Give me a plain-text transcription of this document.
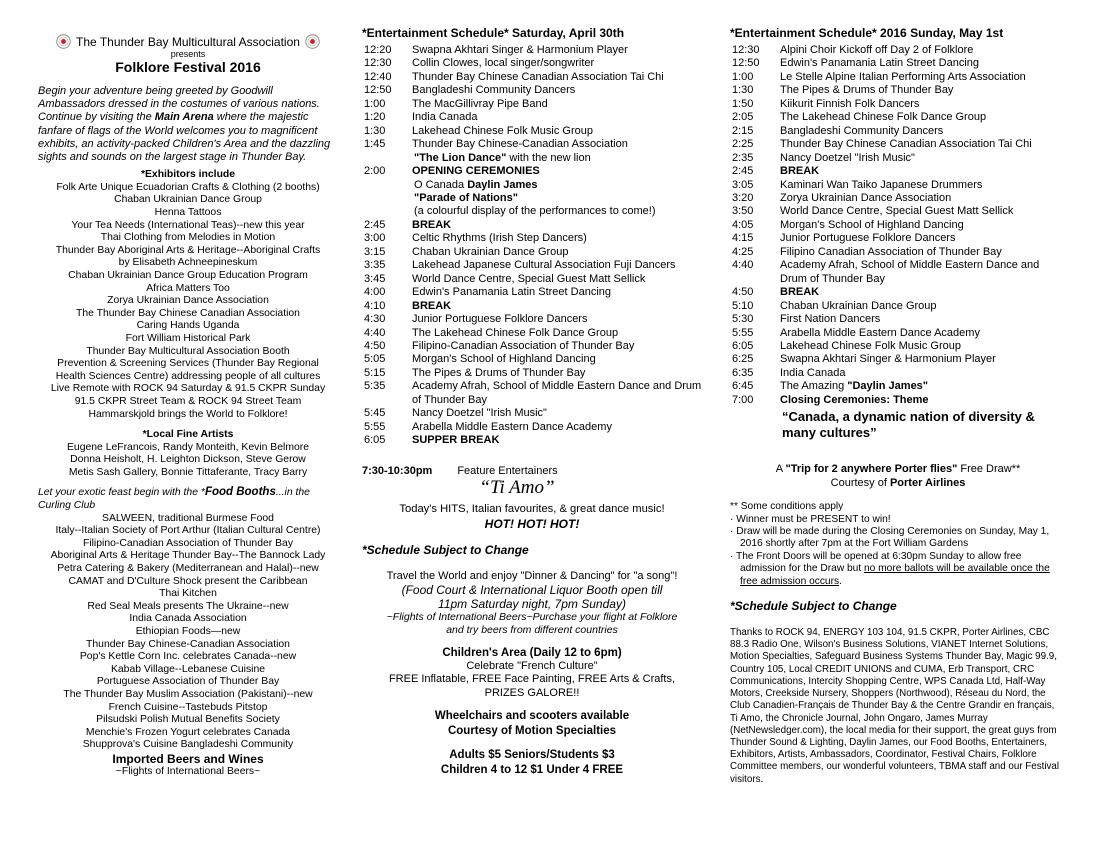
The Thunder Bay Multicultural Association
presents
Folklore Festival 2016
Begin your adventure being greeted by Goodwill Ambassadors dressed in the costumes of various nations. Continue by visiting the Main Arena where the majestic fanfare of flags of the World welcomes you to magnificent exhibits, an activity-packed Children's Area and the dazzling sights and sounds on the largest stage in Thunder Bay.
*Exhibitors include
Folk Arte Unique Ecuadorian Crafts & Clothing (2 booths)
Chaban Ukrainian Dance Group
Henna Tattoos
Your Tea Needs (International Teas)--new this year
Thai Clothing from Melodies in Motion
Thunder Bay Aboriginal Arts & Heritage--Aboriginal Crafts
by Elisabeth Achneepineskum
Chaban Ukrainian Dance Group Education Program
Africa Matters Too
Zorya Ukrainian Dance Association
The Thunder Bay Chinese Canadian Association
Caring Hands Uganda
Fort William Historical Park
Thunder Bay Multicultural Association Booth
Prevention & Screening Services (Thunder Bay Regional
Health Sciences Centre) addressing people of all cultures
Live Remote with ROCK 94 Saturday & 91.5 CKPR Sunday
91.5 CKPR Street Team & ROCK 94 Street Team
Hammarskjold brings the World to Folklore!
*Local Fine Artists
Eugene LeFrancois, Randy Monteith, Kevin Belmore
Donna Heisholt, H. Leighton Dickson, Steve Gerow
Metis Sash Gallery, Bonnie Tittaferante, Tracy Barry
Let your exotic feast begin with the *Food Booths...in the Curling Club
SALWEEN, traditional Burmese Food
Italy--Italian Society of Port Arthur (Italian Cultural Centre)
Filipino-Canadian Association of Thunder Bay
Aboriginal Arts & Heritage Thunder Bay--The Bannock Lady
Petra Catering & Bakery (Mediterranean and Halal)--new
CAMAT and D'Culture Shock present the Caribbean
Thai Kitchen
Red Seal Meals presents The Ukraine--new
India Canada Association
Ethiopian Foods—new
Thunder Bay Chinese-Canadian Association
Pop's Kettle Corn Inc. celebrates Canada--new
Kabab Village--Lebanese Cuisine
Portuguese Association of Thunder Bay
The Thunder Bay Muslim Association (Pakistani)--new
French Cuisine--Tastebuds Pitstop
Pilsudski Polish Mutual Benefits Society
Menchie's Frozen Yogurt celebrates Canada
Shupprova's Cuisine Bangladeshi Community
Imported Beers and Wines
~Flights of International Beers~
*Entertainment Schedule* Saturday, April 30th
12:20	Swapna Akhtari Singer & Harmonium Player
12:30	Collin Clowes, local singer/songwriter
12:40	Thunder Bay Chinese Canadian Association Tai Chi
12:50	Bangladeshi Community Dancers
1:00	The MacGillivray Pipe Band
1:20	India Canada
1:30	Lakehead Chinese Folk Music Group
1:45	Thunder Bay Chinese-Canadian Association
"The Lion Dance" with the new lion
2:00	OPENING CEREMONIES
O Canada Daylin James
"Parade of Nations"
(a colourful display of the performances to come!)
2:45	BREAK
3:00	Celtic Rhythms (Irish Step Dancers)
3:15	Chaban Ukrainian Dance Group
3:35	Lakehead Japanese Cultural Association Fuji Dancers
3:45	World Dance Centre, Special Guest Matt Sellick
4:00	Edwin's Panamania Latin Street Dancing
4:10	BREAK
4:30	Junior Portuguese Folklore Dancers
4:40	The Lakehead Chinese Folk Dance Group
4:50	Filipino-Canadian Association of Thunder Bay
5:05	Morgan's School of Highland Dancing
5:15	The Pipes & Drums of Thunder Bay
5:35	Academy Afrah, School of Middle Eastern Dance and Drum of Thunder Bay
5:45	Nancy Doetzel "Irish Music"
5:55	Arabella Middle Eastern Dance Academy
6:05	SUPPER BREAK
7:30-10:30pm Feature Entertainers
“Ti Amo”
Today's HITS, Italian favourites, & great dance music!
HOT! HOT! HOT!
*Schedule Subject to Change
Travel the World and enjoy "Dinner & Dancing" for "a song"!
(Food Court & International Liquor Booth open till
11pm Saturday night, 7pm Sunday)
~Flights of International Beers~Purchase your flight at Folklore
and try beers from different countries
Children's Area (Daily 12 to 6pm)
Celebrate "French Culture"
FREE Inflatable, FREE Face Painting, FREE Arts & Crafts,
PRIZES GALORE!!
Wheelchairs and scooters available
Courtesy of Motion Specialties
Adults $5 Seniors/Students $3
Children 4 to 12 $1 Under 4 FREE
*Entertainment Schedule* 2016 Sunday, May 1st
12:30	Alpini Choir Kickoff off Day 2 of Folklore
12:50	Edwin's Panamania Latin Street Dancing
1:00	Le Stelle Alpine Italian Performing Arts Association
1:30	The Pipes & Drums of Thunder Bay
1:50	Kiikurit Finnish Folk Dancers
2:05	The Lakehead Chinese Folk Dance Group
2:15	Bangladeshi Community Dancers
2:25	Thunder Bay Chinese Canadian Association Tai Chi
2:35	Nancy Doetzel "Irish Music"
2:45	BREAK
3:05	Kaminari Wan Taiko Japanese Drummers
3:20	Zorya Ukrainian Dance Association
3:50	World Dance Centre, Special Guest Matt Sellick
4:05	Morgan's School of Highland Dancing
4:15	Junior Portuguese Folklore Dancers
4:25	Filipino Canadian Association of Thunder Bay
4:40	Academy Afrah, School of Middle Eastern Dance and Drum of Thunder Bay
4:50	BREAK
5:10	Chaban Ukrainian Dance Group
5:30	First Nation Dancers
5:55	Arabella Middle Eastern Dance Academy
6:05	Lakehead Chinese Folk Music Group
6:25	Swapna Akhtari Singer & Harmonium Player
6:35	India Canada
6:45	The Amazing "Daylin James"
7:00	Closing Ceremonies: Theme
“Canada, a dynamic nation of diversity & many cultures”
A "Trip for 2 anywhere Porter flies" Free Draw**
Courtesy of Porter Airlines
** Some conditions apply
· Winner must be PRESENT to win!
· Draw will be made during the Closing Ceremonies on Sunday, May 1, 2016 shortly after 7pm at the Fort William Gardens
· The Front Doors will be opened at 6:30pm Sunday to allow free admission for the Draw but no more ballots will be available once the free admission occurs.
*Schedule Subject to Change
Thanks to ROCK 94, ENERGY 103 104, 91.5 CKPR, Porter Airlines, CBC 88.3 Radio One, Wilson's Business Solutions, VIANET Internet Solutions, Motion Specialties, Safeguard Business Systems Thunder Bay, Magic 99.9, Country 105, Local CREDIT UNIONS and CUMA, Erb Transport, CRC Communications, Intercity Shopping Centre, WPS Canada Ltd, Half-Way Motors, Creekside Nursery, Shoppers (Northwood), Réseau du Nord, the Club Canadien-Français de Thunder Bay & the Centre Grandir en français, Ti Amo, the Chronicle Journal, John Ongaro, James Murray (NetNewsledger.com), the local media for their support, the great guys from Thunder Sound & Lighting, Daylin James, our Food Booths, Entertainers, Exhibitors, Artists, Ambassadors, Coordinator, Festival Chairs, Folklore Committee members, our wonderful volunteers, TBMA staff and our Festival visitors.
